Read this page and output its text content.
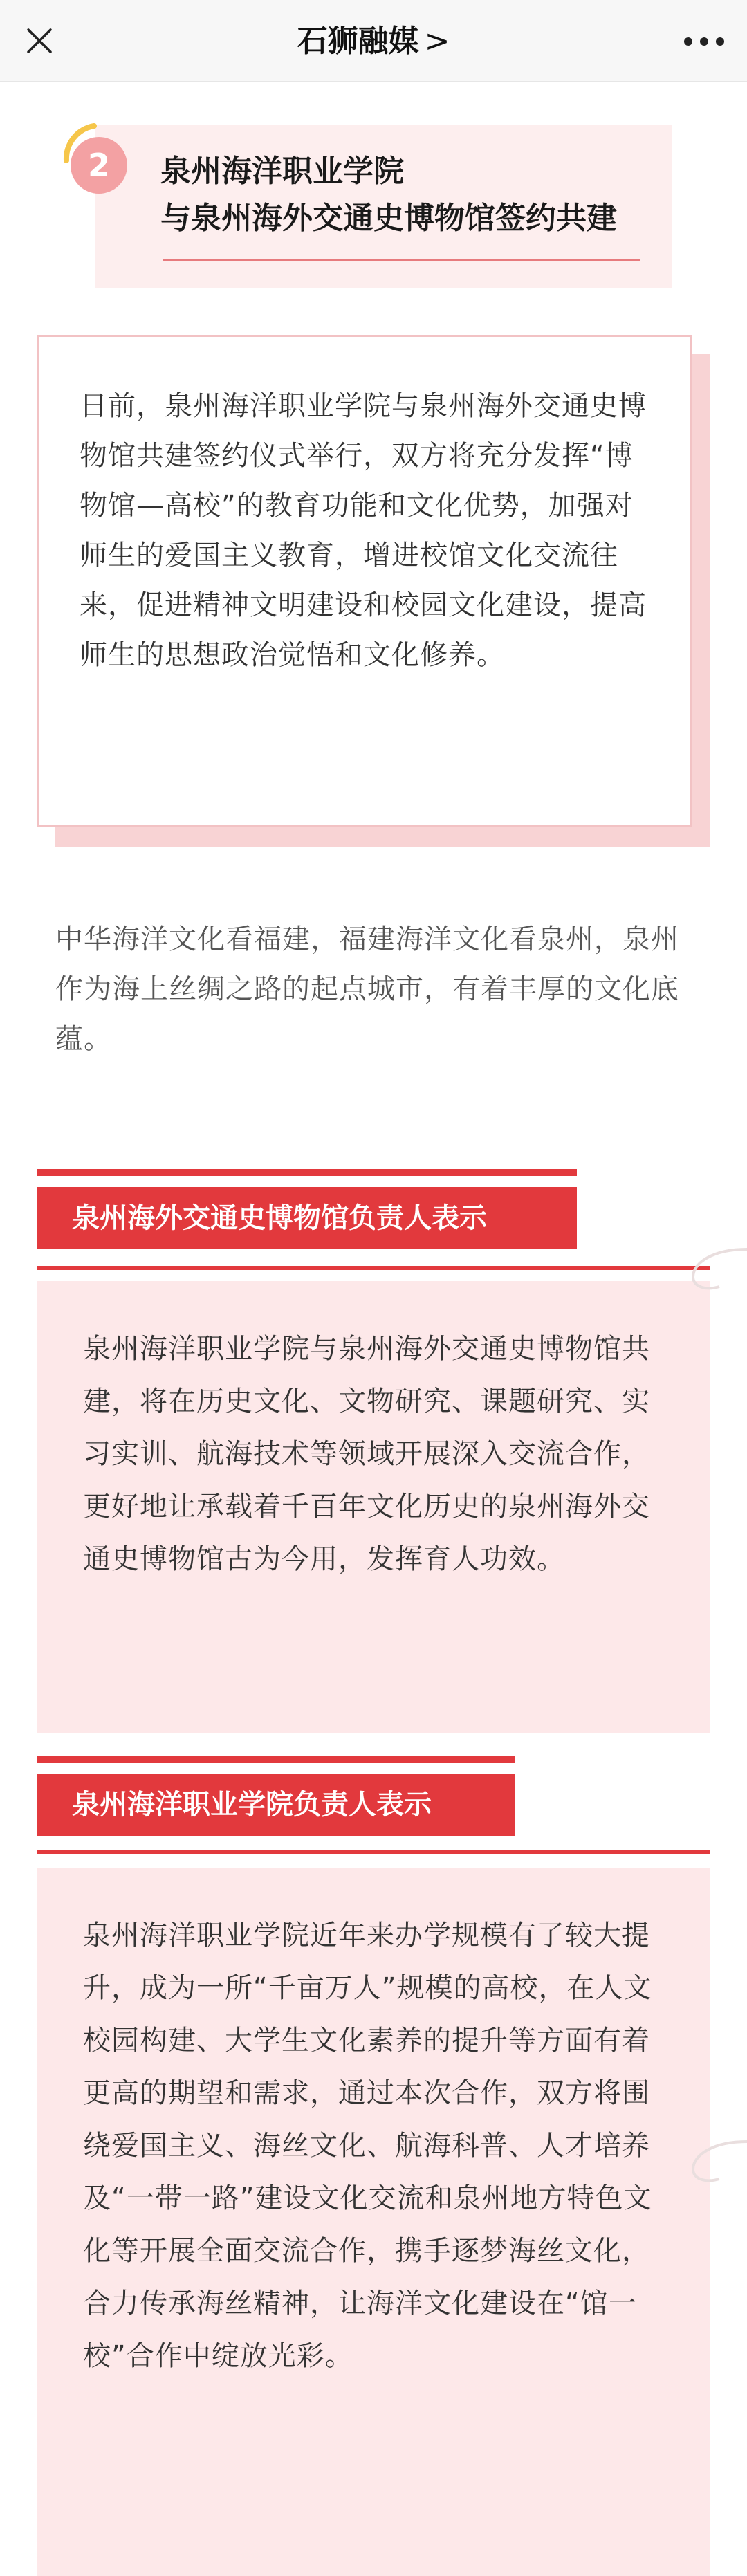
石狮融媒 >
2	泉州海洋职业学院
与泉州海外交通史博物馆签约共建

日前，泉州海洋职业学院与泉州海外交通史博物馆共建签约仪式举行，双方将充分发挥“博物馆—高校”的教育功能和文化优势，加强对师生的爱国主义教育，增进校馆文化交流往来，促进精神文明建设和校园文化建设，提高师生的思想政治觉悟和文化修养。

中华海洋文化看福建，福建海洋文化看泉州，泉州作为海上丝绸之路的起点城市，有着丰厚的文化底蕴。

泉州海外交通史博物馆负责人表示

泉州海洋职业学院与泉州海外交通史博物馆共建，将在历史文化、文物研究、课题研究、实习实训、航海技术等领域开展深入交流合作，更好地让承载着千百年文化历史的泉州海外交通史博物馆古为今用，发挥育人功效。

泉州海洋职业学院负责人表示

泉州海洋职业学院近年来办学规模有了较大提升，成为一所“千亩万人”规模的高校，在人文校园构建、大学生文化素养的提升等方面有着更高的期望和需求，通过本次合作，双方将围绕爱国主义、海丝文化、航海科普、人才培养及“一带一路”建设文化交流和泉州地方特色文化等开展全面交流合作，携手逐梦海丝文化，合力传承海丝精神，让海洋文化建设在“馆一校”合作中绽放光彩。
